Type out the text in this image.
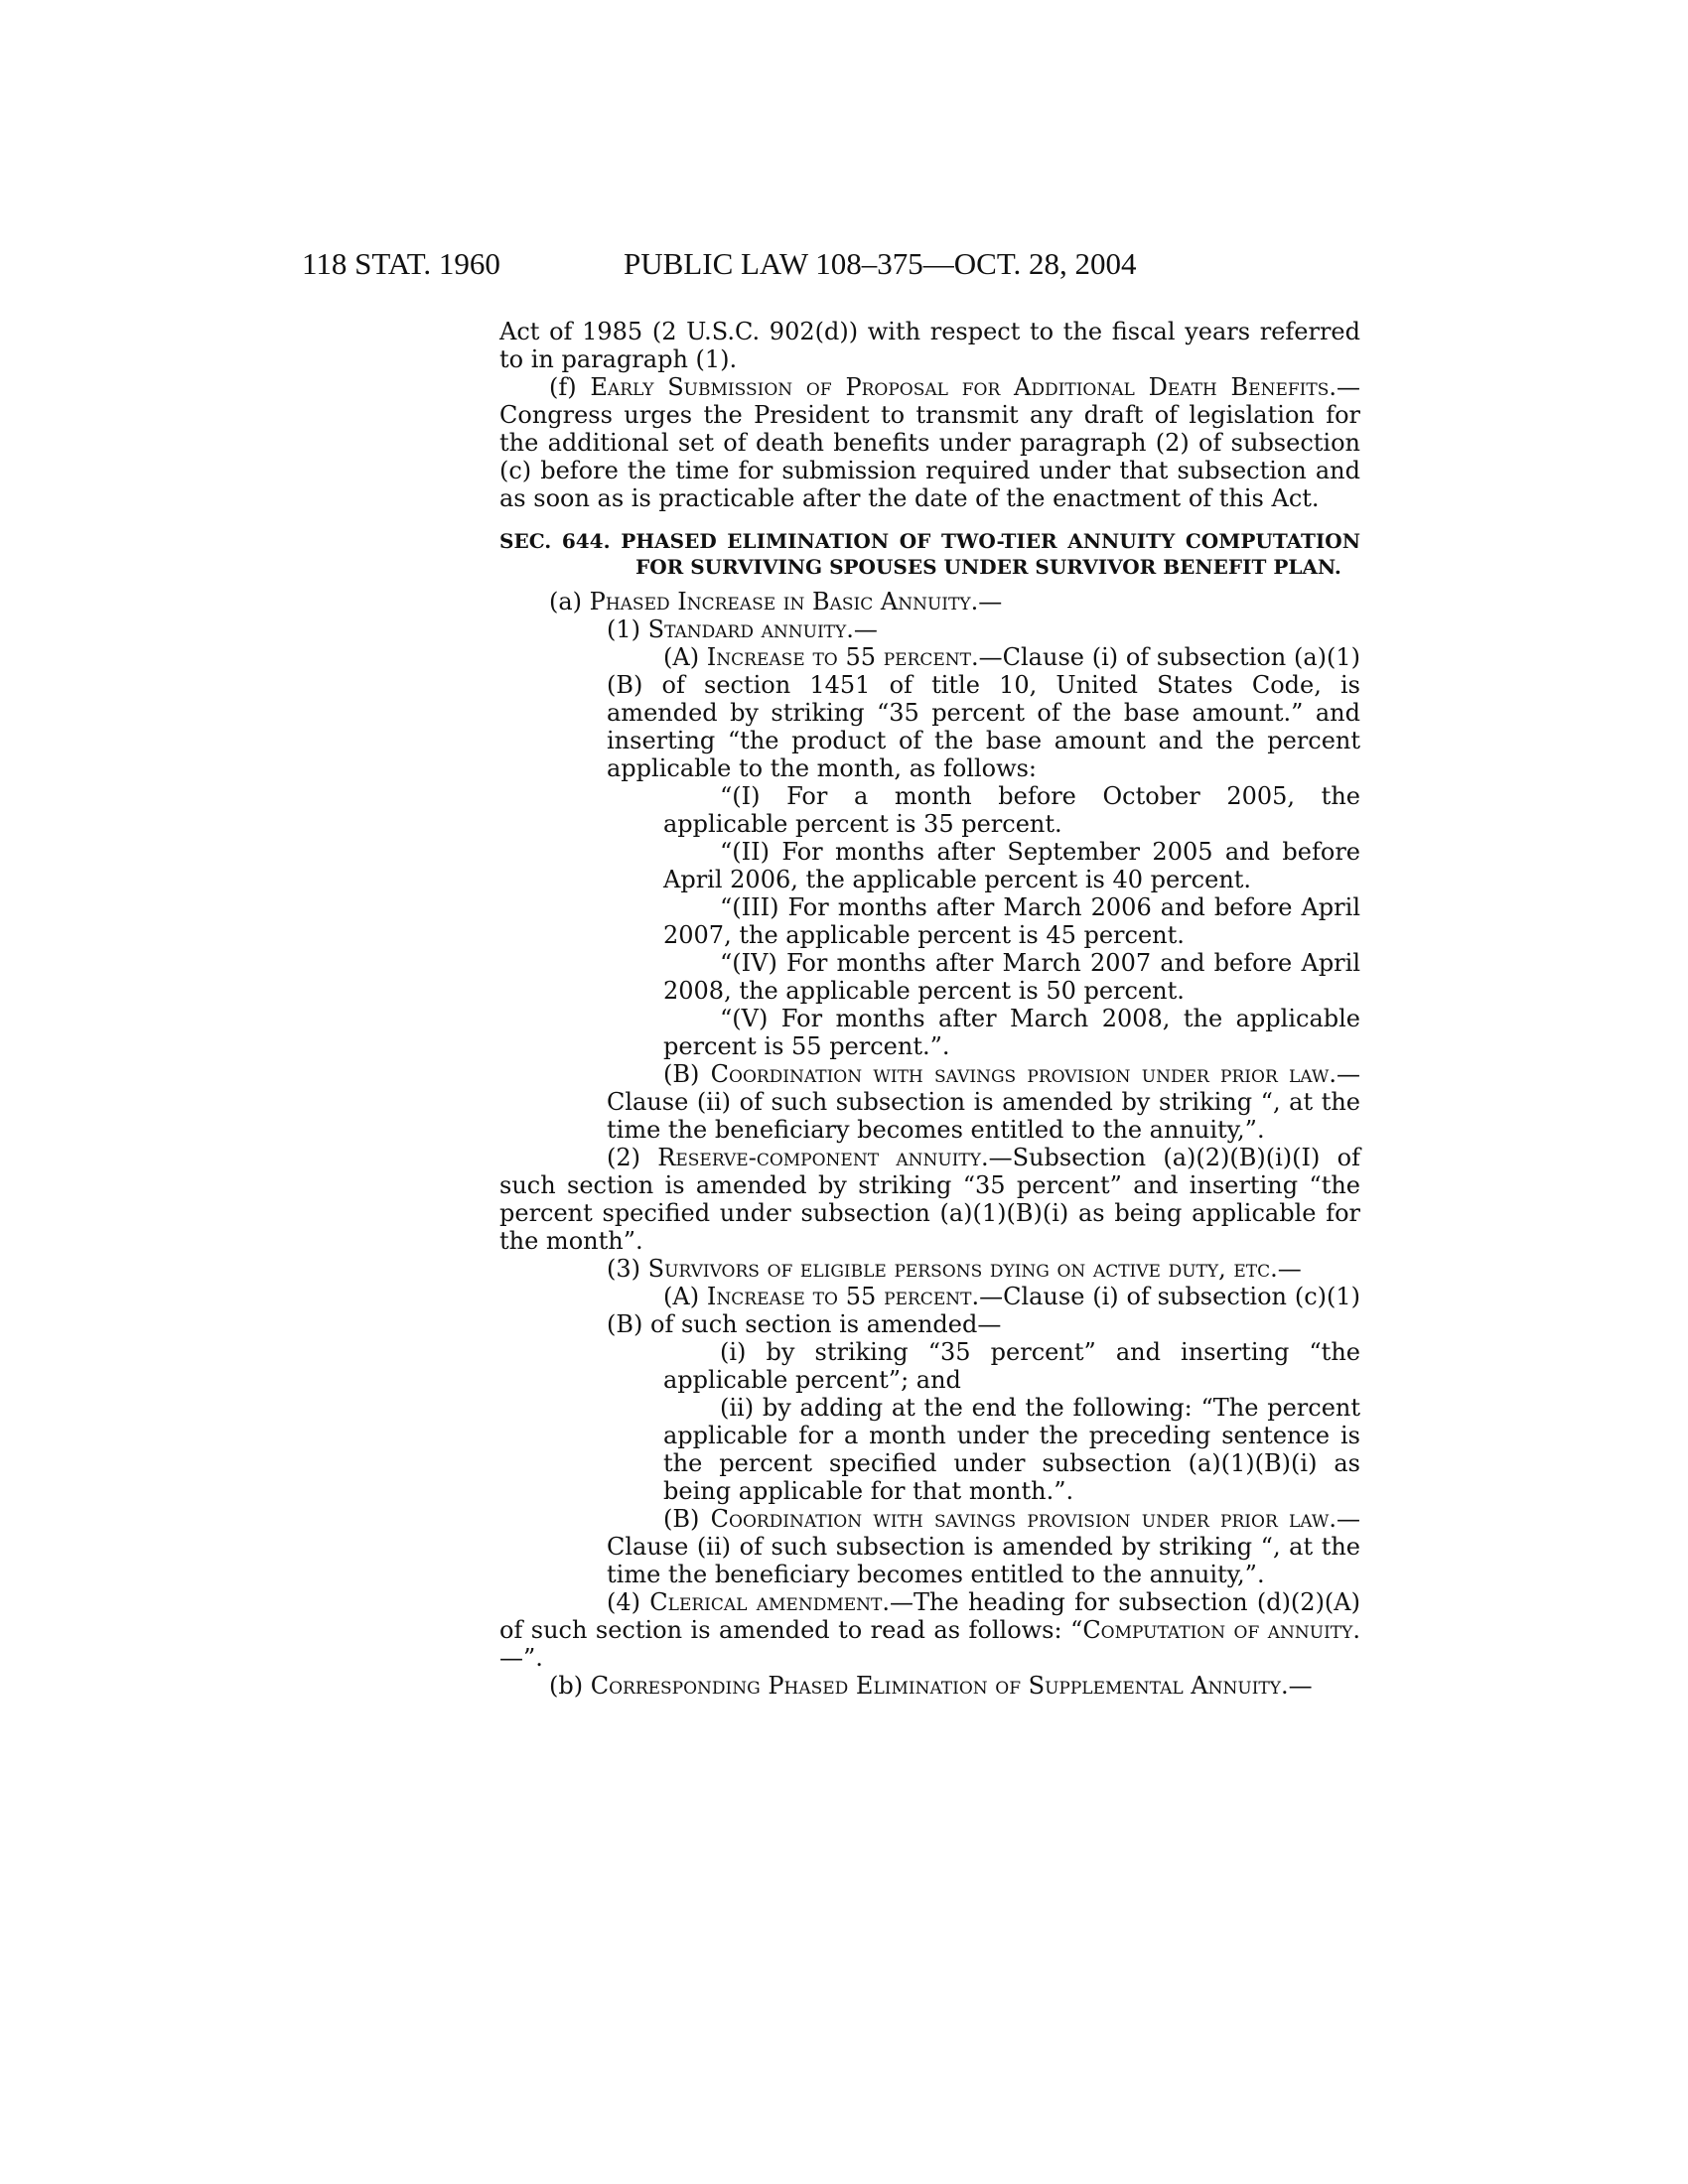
118 STAT. 1960	PUBLIC LAW 108–375—OCT. 28, 2004

Act of 1985 (2 U.S.C. 902(d)) with respect to the fiscal years referred to in paragraph (1).

(f) Early Submission of Proposal for Additional Death Benefits.—Congress urges the President to transmit any draft of legislation for the additional set of death benefits under paragraph (2) of subsection (c) before the time for submission required under that subsection and as soon as is practicable after the date of the enactment of this Act.

SEC. 644. PHASED ELIMINATION OF TWO-TIER ANNUITY COMPUTATION FOR SURVIVING SPOUSES UNDER SURVIVOR BENEFIT PLAN.

(a) Phased Increase in Basic Annuity.—

(1) Standard annuity.—

(A) Increase to 55 percent.—Clause (i) of subsection (a)(1)(B) of section 1451 of title 10, United States Code, is amended by striking “35 percent of the base amount.” and inserting “the product of the base amount and the percent applicable to the month, as follows:

“(I) For a month before October 2005, the applicable percent is 35 percent.

“(II) For months after September 2005 and before April 2006, the applicable percent is 40 percent.

“(III) For months after March 2006 and before April 2007, the applicable percent is 45 percent.

“(IV) For months after March 2007 and before April 2008, the applicable percent is 50 percent.

“(V) For months after March 2008, the applicable percent is 55 percent.”.

(B) Coordination with savings provision under prior law.—Clause (ii) of such subsection is amended by striking “, at the time the beneficiary becomes entitled to the annuity,”.

(2) Reserve-component annuity.—Subsection (a)(2)(B)(i)(I) of such section is amended by striking “35 percent” and inserting “the percent specified under subsection (a)(1)(B)(i) as being applicable for the month”.

(3) Survivors of eligible persons dying on active duty, etc.—

(A) Increase to 55 percent.—Clause (i) of subsection (c)(1)(B) of such section is amended—

(i) by striking “35 percent” and inserting “the applicable percent”; and

(ii) by adding at the end the following: “The percent applicable for a month under the preceding sentence is the percent specified under subsection (a)(1)(B)(i) as being applicable for that month.”.

(B) Coordination with savings provision under prior law.—Clause (ii) of such subsection is amended by striking “, at the time the beneficiary becomes entitled to the annuity,”.

(4) Clerical amendment.—The heading for subsection (d)(2)(A) of such section is amended to read as follows: “Computation of annuity.—”.

(b) Corresponding Phased Elimination of Supplemental Annuity.—
